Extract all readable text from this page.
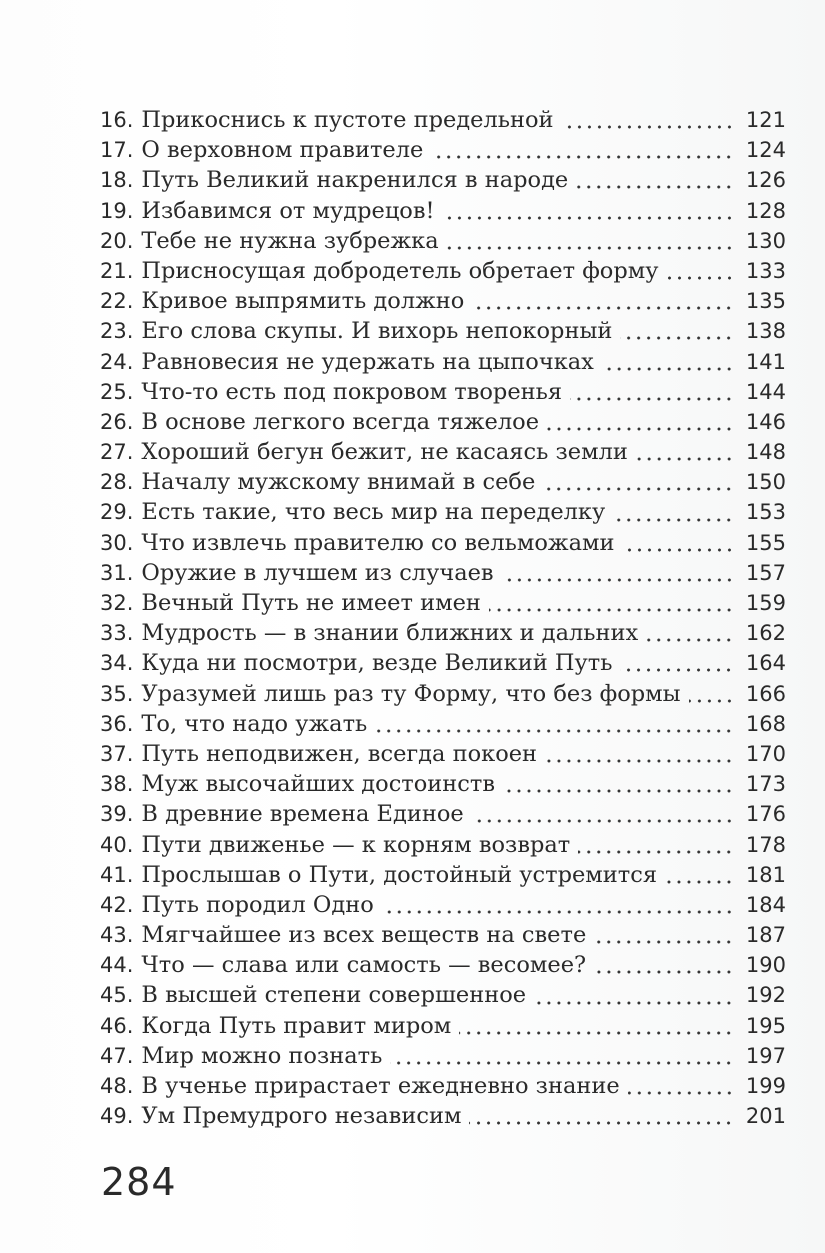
16. Прикоснись к пустоте предельной	121
17. О верховном правителе	124
18. Путь Великий накренился в народе	126
19. Избавимся от мудрецов!	128
20. Тебе не нужна зубрежка	130
21. Присносущая добродетель обретает форму	133
22. Кривое выпрямить должно	135
23. Его слова скупы. И вихорь непокорный	138
24. Равновесия не удержать на цыпочках	141
25. Что-то есть под покровом творенья	144
26. В основе легкого всегда тяжелое	146
27. Хороший бегун бежит, не касаясь земли	148
28. Началу мужскому внимай в себе	150
29. Есть такие, что весь мир на переделку	153
30. Что извлечь правителю со вельможами	155
31. Оружие в лучшем из случаев	157
32. Вечный Путь не имеет имен	159
33. Мудрость — в знании ближних и дальних	162
34. Куда ни посмотри, везде Великий Путь	164
35. Уразумей лишь раз ту Форму, что без формы	166
36. То, что надо ужать	168
37. Путь неподвижен, всегда покоен	170
38. Муж высочайших достоинств	173
39. В древние времена Единое	176
40. Пути движенье — к корням возврат	178
41. Прослышав о Пути, достойный устремится	181
42. Путь породил Одно	184
43. Мягчайшее из всех веществ на свете	187
44. Что — слава или самость — весомее?	190
45. В высшей степени совершенное	192
46. Когда Путь правит миром	195
47. Мир можно познать	197
48. В ученье прирастает ежедневно знание	199
49. Ум Премудрого независим	201
284
